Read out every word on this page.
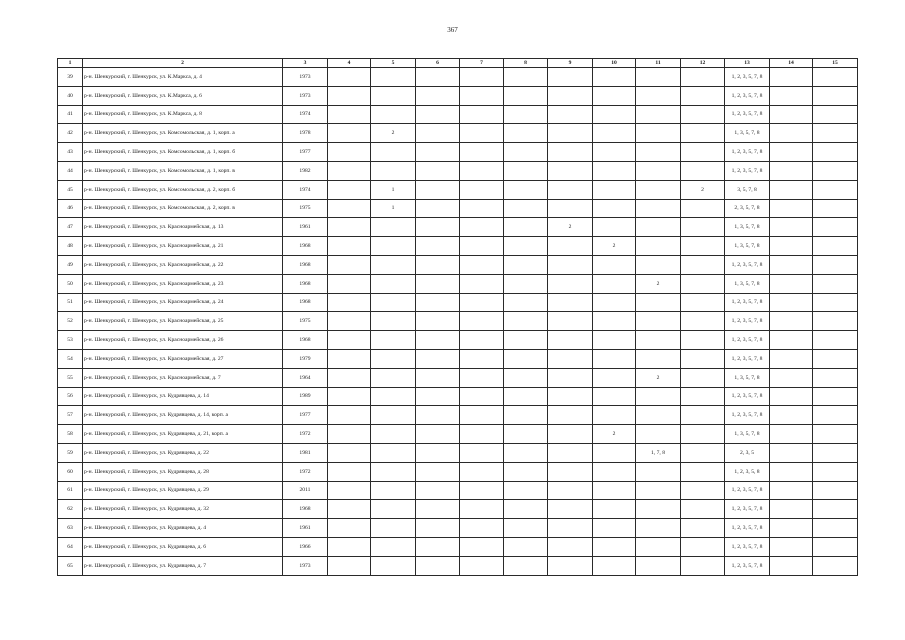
367
1	2	3	4	5	6	7	8	9	10	11	12	13	14	15
39	р-н. Шенкурский, г. Шенкурск, ул. К.Маркса, д. 4	1973										1, 2, 3, 5, 7, 8		
40	р-н. Шенкурский, г. Шенкурск, ул. К.Маркса, д. 6	1973										1, 2, 3, 5, 7, 8		
41	р-н. Шенкурский, г. Шенкурск, ул. К.Маркса, д. 8	1974										1, 2, 3, 5, 7, 8		
42	р-н. Шенкурский, г. Шенкурск, ул. Комсомольская, д. 1, корп. а	1978		2								1, 3, 5, 7, 8		
43	р-н. Шенкурский, г. Шенкурск, ул. Комсомольская, д. 1, корп. б	1977										1, 2, 3, 5, 7, 8		
44	р-н. Шенкурский, г. Шенкурск, ул. Комсомольская, д. 1, корп. в	1982										1, 2, 3, 5, 7, 8		
45	р-н. Шенкурский, г. Шенкурск, ул. Комсомольская, д. 2, корп. б	1974		1							2	3, 5, 7, 8		
46	р-н. Шенкурский, г. Шенкурск, ул. Комсомольская, д. 2, корп. в	1975		1								2, 3, 5, 7, 8		
47	р-н. Шенкурский, г. Шенкурск, ул. Красноармейская, д. 13	1961						2				1, 3, 5, 7, 8		
48	р-н. Шенкурский, г. Шенкурск, ул. Красноармейская, д. 21	1968							2			1, 3, 5, 7, 8		
49	р-н. Шенкурский, г. Шенкурск, ул. Красноармейская, д. 22	1968										1, 2, 3, 5, 7, 8		
50	р-н. Шенкурский, г. Шенкурск, ул. Красноармейская, д. 23	1968								2		1, 3, 5, 7, 8		
51	р-н. Шенкурский, г. Шенкурск, ул. Красноармейская, д. 24	1968										1, 2, 3, 5, 7, 8		
52	р-н. Шенкурский, г. Шенкурск, ул. Красноармейская, д. 25	1975										1, 2, 3, 5, 7, 8		
53	р-н. Шенкурский, г. Шенкурск, ул. Красноармейская, д. 26	1968										1, 2, 3, 5, 7, 8		
54	р-н. Шенкурский, г. Шенкурск, ул. Красноармейская, д. 27	1979										1, 2, 3, 5, 7, 8		
55	р-н. Шенкурский, г. Шенкурск, ул. Красноармейская, д. 7	1964								2		1, 3, 5, 7, 8		
56	р-н. Шенкурский, г. Шенкурск, ул. Кудрявцева, д. 14	1989										1, 2, 3, 5, 7, 8		
57	р-н. Шенкурский, г. Шенкурск, ул. Кудрявцева, д. 14, корп. а	1977										1, 2, 3, 5, 7, 8		
58	р-н. Шенкурский, г. Шенкурск, ул. Кудрявцева, д. 21, корп. а	1972							2			1, 3, 5, 7, 8		
59	р-н. Шенкурский, г. Шенкурск, ул. Кудрявцева, д. 22	1981								1, 7, 8		2, 3, 5		
60	р-н. Шенкурский, г. Шенкурск, ул. Кудрявцева, д. 28	1972										1, 2, 3, 5, 8		
61	р-н. Шенкурский, г. Шенкурск, ул. Кудрявцева, д. 29	2011										1, 2, 3, 5, 7, 8		
62	р-н. Шенкурский, г. Шенкурск, ул. Кудрявцева, д. 32	1968										1, 2, 3, 5, 7, 8		
63	р-н. Шенкурский, г. Шенкурск, ул. Кудрявцева, д. 4	1961										1, 2, 3, 5, 7, 8		
64	р-н. Шенкурский, г. Шенкурск, ул. Кудрявцева, д. 6	1966										1, 2, 3, 5, 7, 8		
65	р-н. Шенкурский, г. Шенкурск, ул. Кудрявцева, д. 7	1973										1, 2, 3, 5, 7, 8		
